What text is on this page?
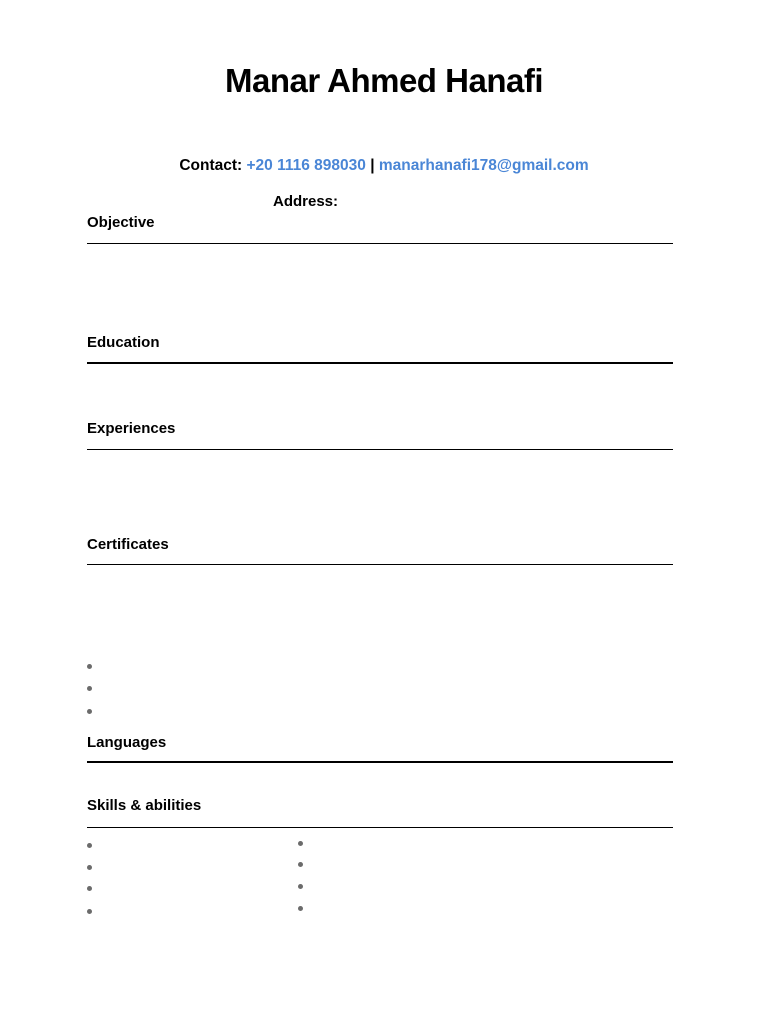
Manar Ahmed Hanafi
Contact: +20 1116 898030 | manarhanafi178@gmail.com
Address:
Objective
Education
Experiences
Certificates
Languages
Skills & abilities
